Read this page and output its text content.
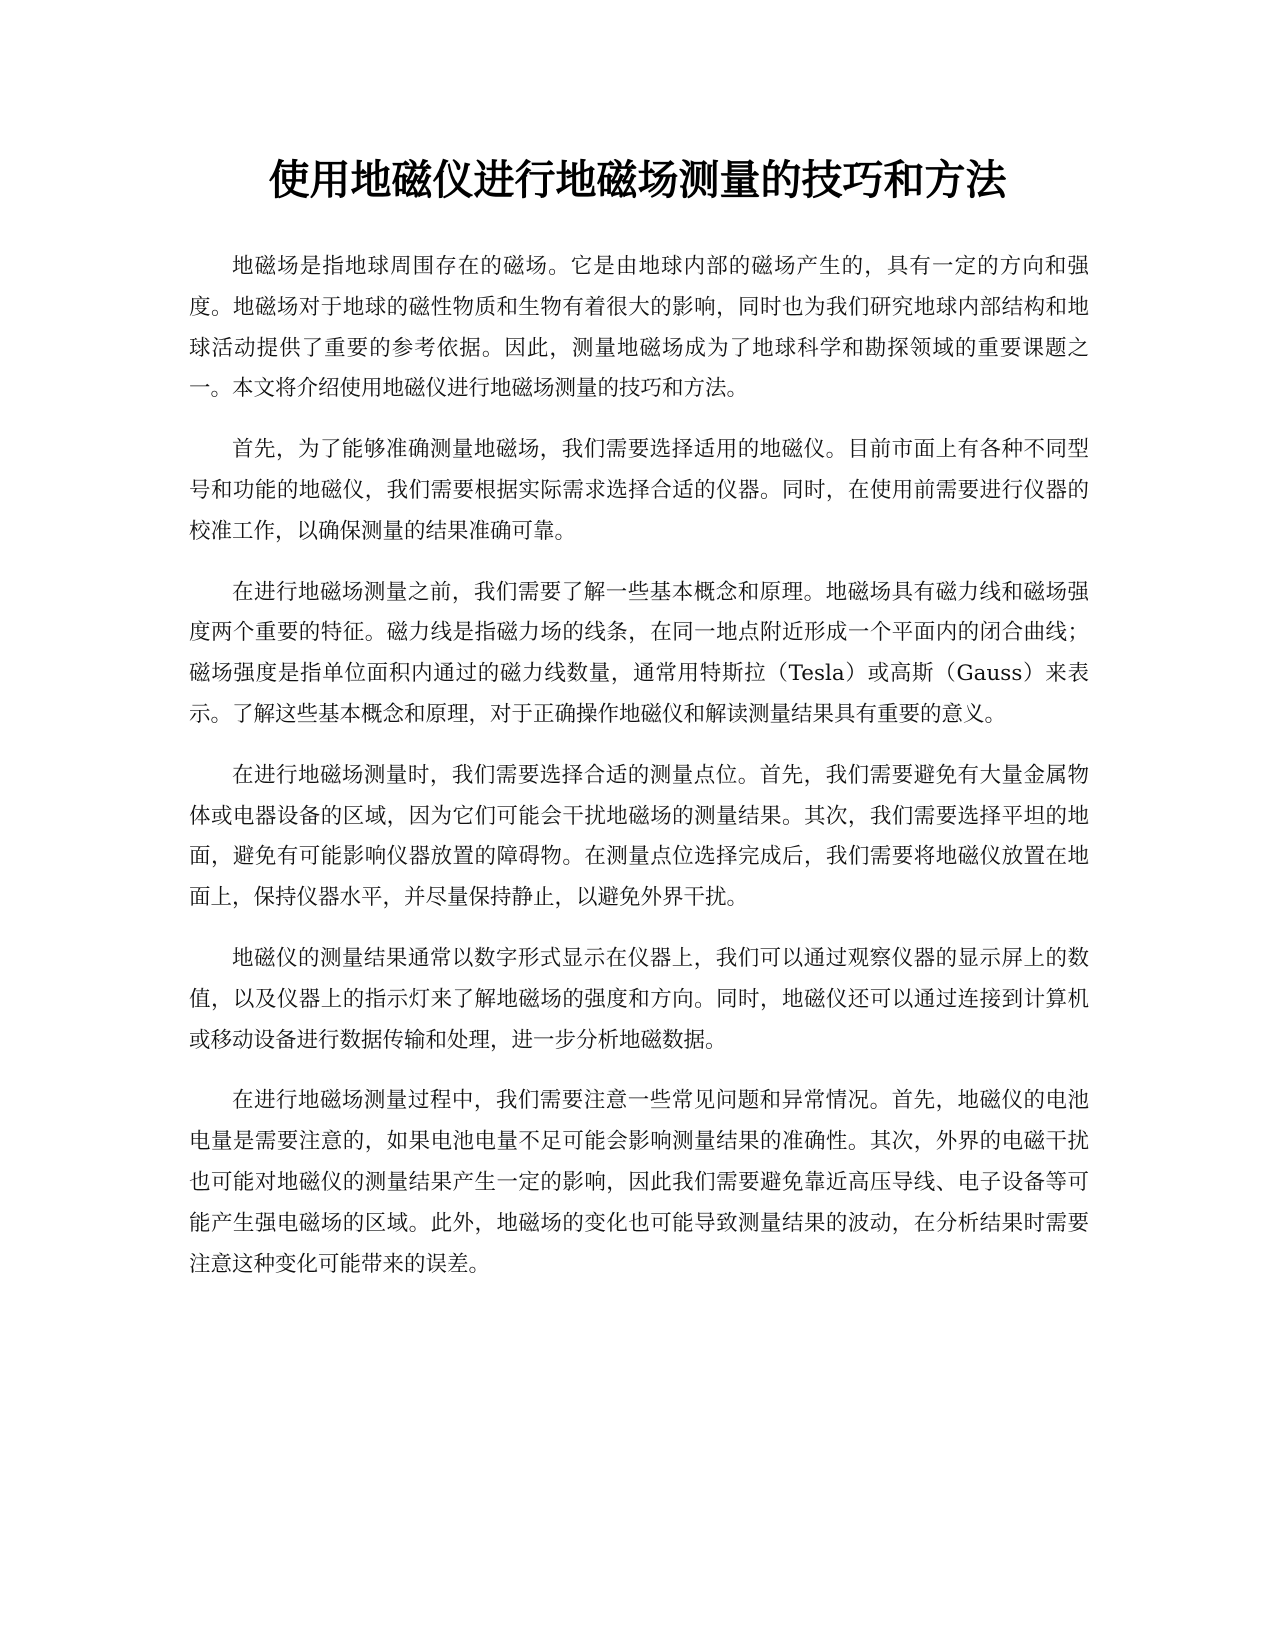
使用地磁仪进行地磁场测量的技巧和方法

地磁场是指地球周围存在的磁场。它是由地球内部的磁场产生的，具有一定的方向和强度。地磁场对于地球的磁性物质和生物有着很大的影响，同时也为我们研究地球内部结构和地球活动提供了重要的参考依据。因此，测量地磁场成为了地球科学和勘探领域的重要课题之一。本文将介绍使用地磁仪进行地磁场测量的技巧和方法。

首先，为了能够准确测量地磁场，我们需要选择适用的地磁仪。目前市面上有各种不同型号和功能的地磁仪，我们需要根据实际需求选择合适的仪器。同时，在使用前需要进行仪器的校准工作，以确保测量的结果准确可靠。

在进行地磁场测量之前，我们需要了解一些基本概念和原理。地磁场具有磁力线和磁场强度两个重要的特征。磁力线是指磁力场的线条，在同一地点附近形成一个平面内的闭合曲线；磁场强度是指单位面积内通过的磁力线数量，通常用特斯拉（Tesla）或高斯（Gauss）来表示。了解这些基本概念和原理，对于正确操作地磁仪和解读测量结果具有重要的意义。

在进行地磁场测量时，我们需要选择合适的测量点位。首先，我们需要避免有大量金属物体或电器设备的区域，因为它们可能会干扰地磁场的测量结果。其次，我们需要选择平坦的地面，避免有可能影响仪器放置的障碍物。在测量点位选择完成后，我们需要将地磁仪放置在地面上，保持仪器水平，并尽量保持静止，以避免外界干扰。

地磁仪的测量结果通常以数字形式显示在仪器上，我们可以通过观察仪器的显示屏上的数值，以及仪器上的指示灯来了解地磁场的强度和方向。同时，地磁仪还可以通过连接到计算机或移动设备进行数据传输和处理，进一步分析地磁数据。

在进行地磁场测量过程中，我们需要注意一些常见问题和异常情况。首先，地磁仪的电池电量是需要注意的，如果电池电量不足可能会影响测量结果的准确性。其次，外界的电磁干扰也可能对地磁仪的测量结果产生一定的影响，因此我们需要避免靠近高压导线、电子设备等可能产生强电磁场的区域。此外，地磁场的变化也可能导致测量结果的波动，在分析结果时需要注意这种变化可能带来的误差。
